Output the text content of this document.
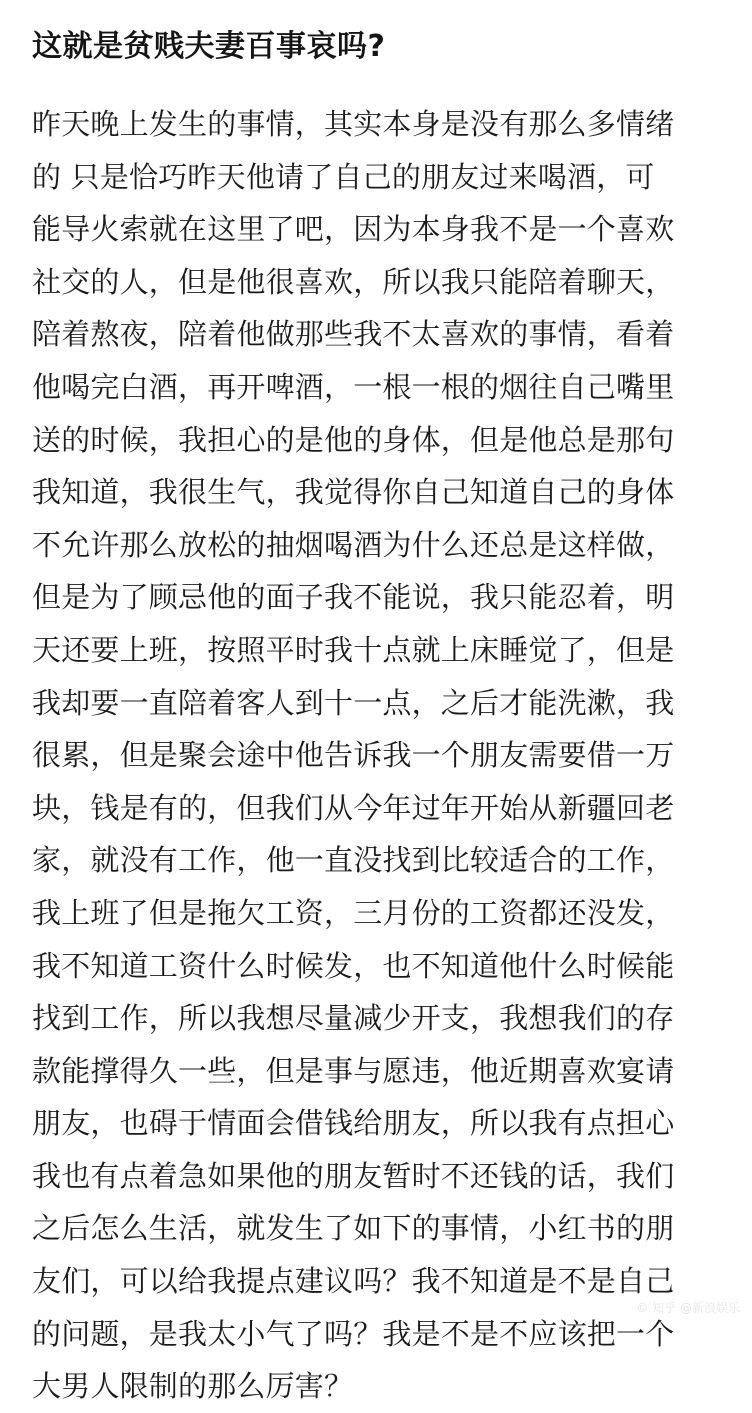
这就是贫贱夫妻百事哀吗?
昨天晚上发生的事情，其实本身是没有那么多情绪
的 只是恰巧昨天他请了自己的朋友过来喝酒，可
能导火索就在这里了吧，因为本身我不是一个喜欢
社交的人，但是他很喜欢，所以我只能陪着聊天，
陪着熬夜，陪着他做那些我不太喜欢的事情，看着
他喝完白酒，再开啤酒，一根一根的烟往自己嘴里
送的时候，我担心的是他的身体，但是他总是那句
我知道，我很生气，我觉得你自己知道自己的身体
不允许那么放松的抽烟喝酒为什么还总是这样做，
但是为了顾忌他的面子我不能说，我只能忍着，明
天还要上班，按照平时我十点就上床睡觉了，但是
我却要一直陪着客人到十一点，之后才能洗漱，我
很累，但是聚会途中他告诉我一个朋友需要借一万
块，钱是有的，但我们从今年过年开始从新疆回老
家，就没有工作，他一直没找到比较适合的工作，
我上班了但是拖欠工资，三月份的工资都还没发，
我不知道工资什么时候发，也不知道他什么时候能
找到工作，所以我想尽量减少开支，我想我们的存
款能撑得久一些，但是事与愿违，他近期喜欢宴请
朋友，也碍于情面会借钱给朋友，所以我有点担心
我也有点着急如果他的朋友暂时不还钱的话，我们
之后怎么生活，就发生了如下的事情，小红书的朋
友们，可以给我提点建议吗？我不知道是不是自己
的问题，是我太小气了吗？我是不是不应该把一个
大男人限制的那么厉害？
© 知乎 @新浪娱乐
